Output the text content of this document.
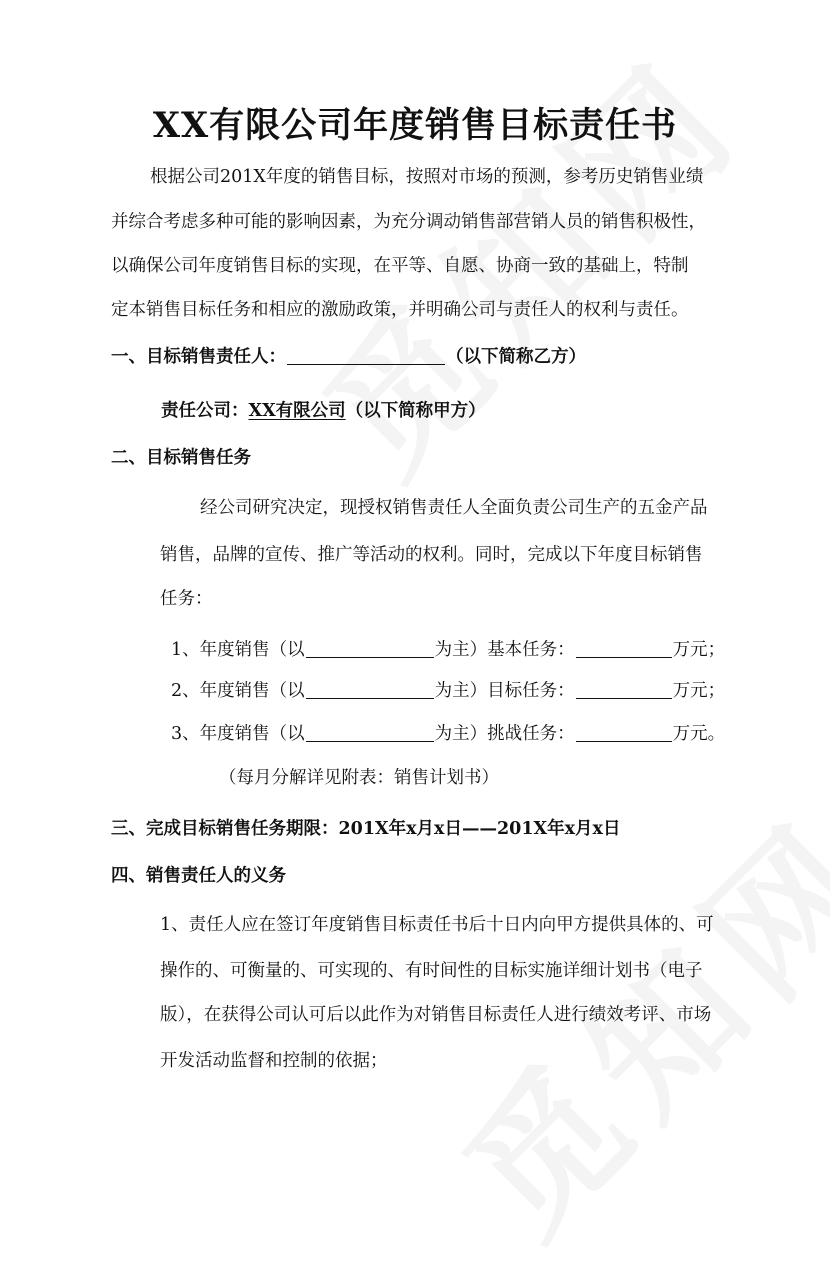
XX有限公司年度销售目标责任书
根据公司201X年度的销售目标，按照对市场的预测，参考历史销售业绩
并综合考虑多种可能的影响因素，为充分调动销售部营销人员的销售积极性，
以确保公司年度销售目标的实现，在平等、自愿、协商一致的基础上，特制
定本销售目标任务和相应的激励政策，并明确公司与责任人的权利与责任。
一、目标销售责任人：	（以下简称乙方）
责任公司：XX有限公司（以下简称甲方）
二、目标销售任务
经公司研究决定，现授权销售责任人全面负责公司生产的五金产品
销售，品牌的宣传、推广等活动的权利。同时，完成以下年度目标销售
任务：
1、年度销售（以	为主）基本任务：	万元；
2、年度销售（以	为主）目标任务：	万元；
3、年度销售（以	为主）挑战任务：	万元。
（每月分解详见附表：销售计划书）
三、完成目标销售任务期限：201X年x月x日——201X年x月x日
四、销售责任人的义务
1、责任人应在签订年度销售目标责任书后十日内向甲方提供具体的、可
操作的、可衡量的、可实现的、有时间性的目标实施详细计划书（电子
版），在获得公司认可后以此作为对销售目标责任人进行绩效考评、市场
开发活动监督和控制的依据；
